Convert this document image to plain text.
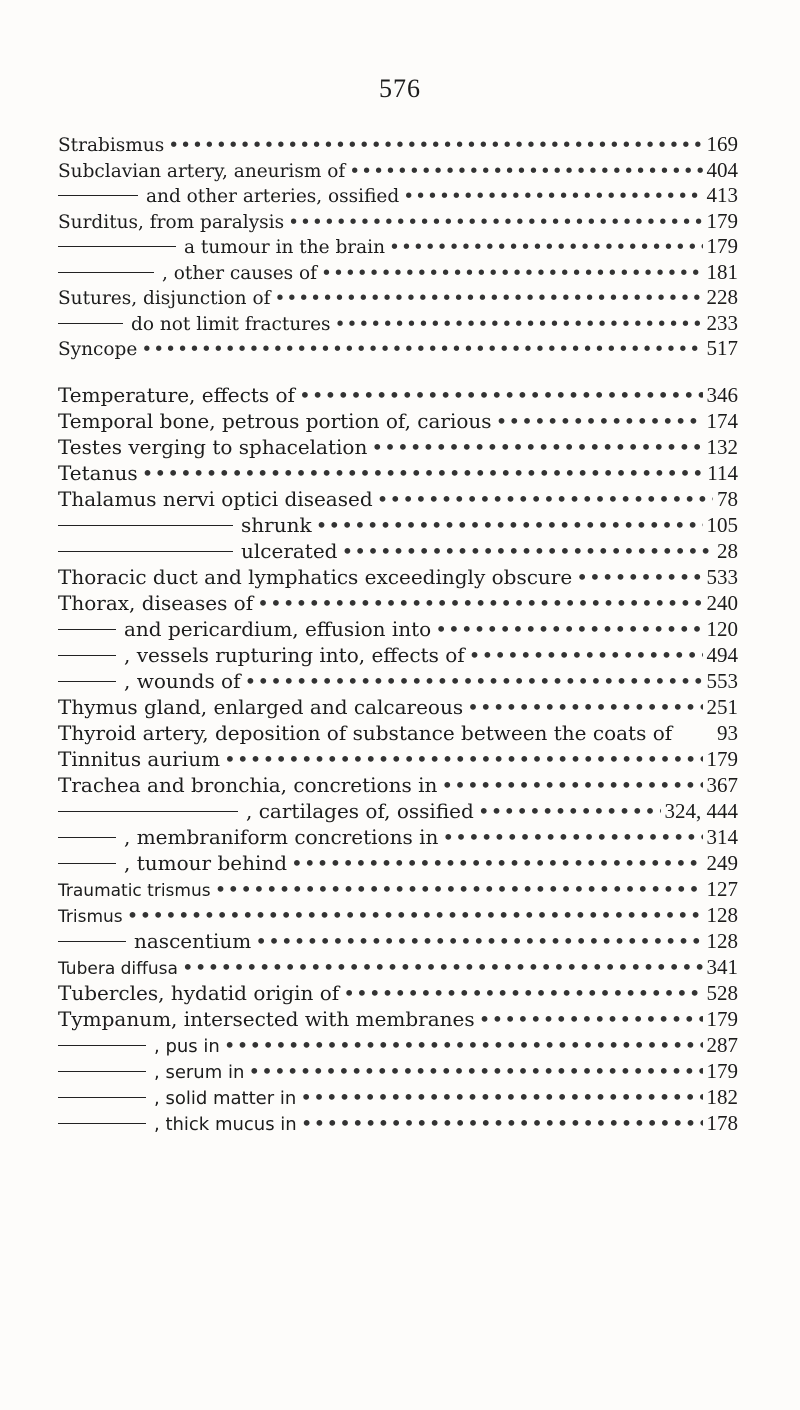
576
Strabismus •••••	169
Subclavian artery, aneurism of •••••	404
and other arteries, ossified •••••	413
Surditus, from paralysis •••••	179
a tumour in the brain •••••	179
, other causes of •••••	181
Sutures, disjunction of •••••	228
do not limit fractures •••••	233
Syncope •••••	517
Temperature, effects of •••••	346
Temporal bone, petrous portion of, carious •••••	174
Testes verging to sphacelation •••••	132
Tetanus •••••	114
Thalamus nervi optici diseased •••••	78
shrunk •••••	105
ulcerated •••••	28
Thoracic duct and lymphatics exceedingly obscure •••••	533
Thorax, diseases of •••••	240
and pericardium, effusion into •••••	120
, vessels rupturing into, effects of •••••	494
, wounds of •••••	553
Thymus gland, enlarged and calcareous •••••	251
Thyroid artery, deposition of substance between the coats of 93
Tinnitus aurium •••••	179
Trachea and bronchia, concretions in •••••	367
, cartilages of, ossified •••••	324, 444
, membraniform concretions in •••••	314
, tumour behind •••••	249
Traumatic trismus •••••	127
Trismus •••••	128
nascentium •••••	128
Tubera diffusa •••••	341
Tubercles, hydatid origin of •••••	528
Tympanum, intersected with membranes •••••	179
, pus in •••••	287
, serum in •••••	179
, solid matter in •••••	182
, thick mucus in •••••	178
